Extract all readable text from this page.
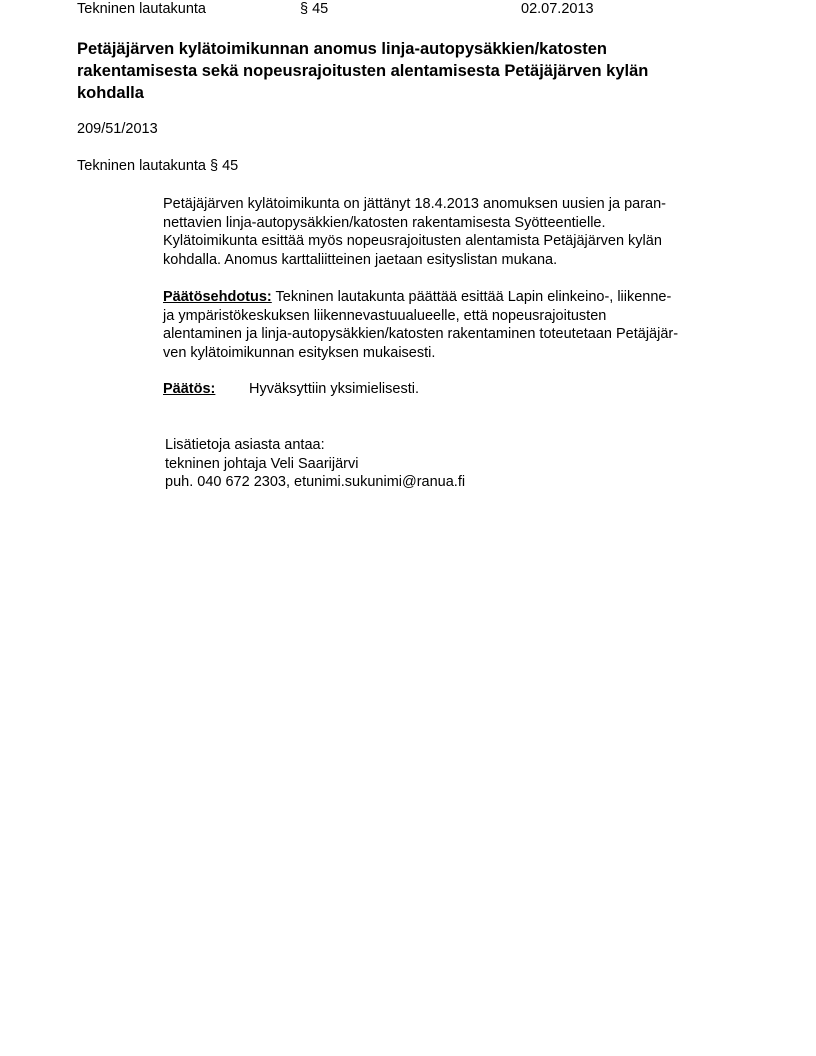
Tekninen lautakunta	§ 45	02.07.2013
Petäjäjärven kylätoimikunnan anomus linja-autopysäkkien/katosten
rakentamisesta sekä nopeusrajoitusten alentamisesta Petäjäjärven kylän
kohdalla
209/51/2013
Tekninen lautakunta § 45
Petäjäjärven kylätoimikunta on jättänyt 18.4.2013 anomuksen uusien ja paran-
nettavien linja-autopysäkkien/katosten rakentamisesta Syötteentielle.
Kylätoimikunta esittää myös nopeusrajoitusten alentamista Petäjäjärven kylän
kohdalla. Anomus karttaliitteinen jaetaan esityslistan mukana.
Päätösehdotus: Tekninen lautakunta päättää esittää Lapin elinkeino-, liikenne-
ja ympäristökeskuksen liikennevastuualueelle, että nopeusrajoitusten
alentaminen ja linja-autopysäkkien/katosten rakentaminen toteutetaan Petäjäjär-
ven kylätoimikunnan esityksen mukaisesti.
Päätös: Hyväksyttiin yksimielisesti.
Lisätietoja asiasta antaa:
tekninen johtaja Veli Saarijärvi
puh. 040 672 2303, etunimi.sukunimi@ranua.fi
